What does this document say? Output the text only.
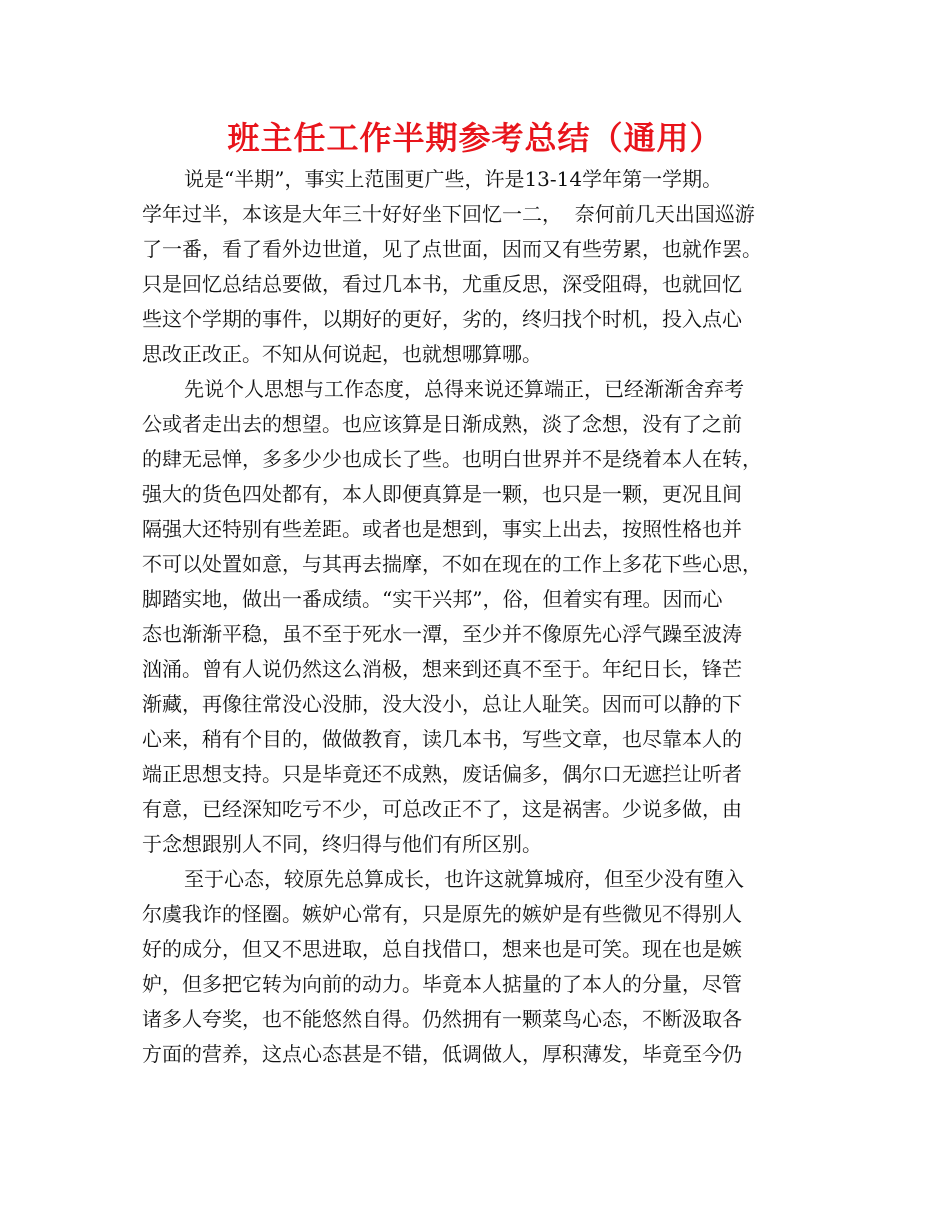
班主任工作半期参考总结（通用）
说是“半期”，事实上范围更广些，许是13-14学年第一学期。
学年过半，本该是大年三十好好坐下回忆一二，  奈何前几天出国巡游
了一番，看了看外边世道，见了点世面，因而又有些劳累，也就作罢。
只是回忆总结总要做，看过几本书，尤重反思，深受阻碍，也就回忆
些这个学期的事件，以期好的更好，劣的，终归找个时机，投入点心
思改正改正。不知从何说起，也就想哪算哪。
先说个人思想与工作态度，总得来说还算端正，已经渐渐舍弃考
公或者走出去的想望。也应该算是日渐成熟，淡了念想，没有了之前
的肆无忌惮，多多少少也成长了些。也明白世界并不是绕着本人在转，
强大的货色四处都有，本人即便真算是一颗，也只是一颗，更况且间
隔强大还特别有些差距。或者也是想到，事实上出去，按照性格也并
不可以处置如意，与其再去揣摩，不如在现在的工作上多花下些心思，
脚踏实地，做出一番成绩。“实干兴邦”，俗，但着实有理。因而心
态也渐渐平稳，虽不至于死水一潭，至少并不像原先心浮气躁至波涛
汹涌。曾有人说仍然这么消极，想来到还真不至于。年纪日长，锋芒
渐藏，再像往常没心没肺，没大没小，总让人耻笑。因而可以静的下
心来，稍有个目的，做做教育，读几本书，写些文章，也尽靠本人的
端正思想支持。只是毕竟还不成熟，废话偏多，偶尔口无遮拦让听者
有意，已经深知吃亏不少，可总改正不了，这是祸害。少说多做，由
于念想跟别人不同，终归得与他们有所区别。
至于心态，较原先总算成长，也许这就算城府，但至少没有堕入
尔虞我诈的怪圈。嫉妒心常有，只是原先的嫉妒是有些微见不得别人
好的成分，但又不思进取，总自找借口，想来也是可笑。现在也是嫉
妒，但多把它转为向前的动力。毕竟本人掂量的了本人的分量，尽管
诸多人夸奖，也不能悠然自得。仍然拥有一颗菜鸟心态，不断汲取各
方面的营养，这点心态甚是不错，低调做人，厚积薄发，毕竟至今仍
